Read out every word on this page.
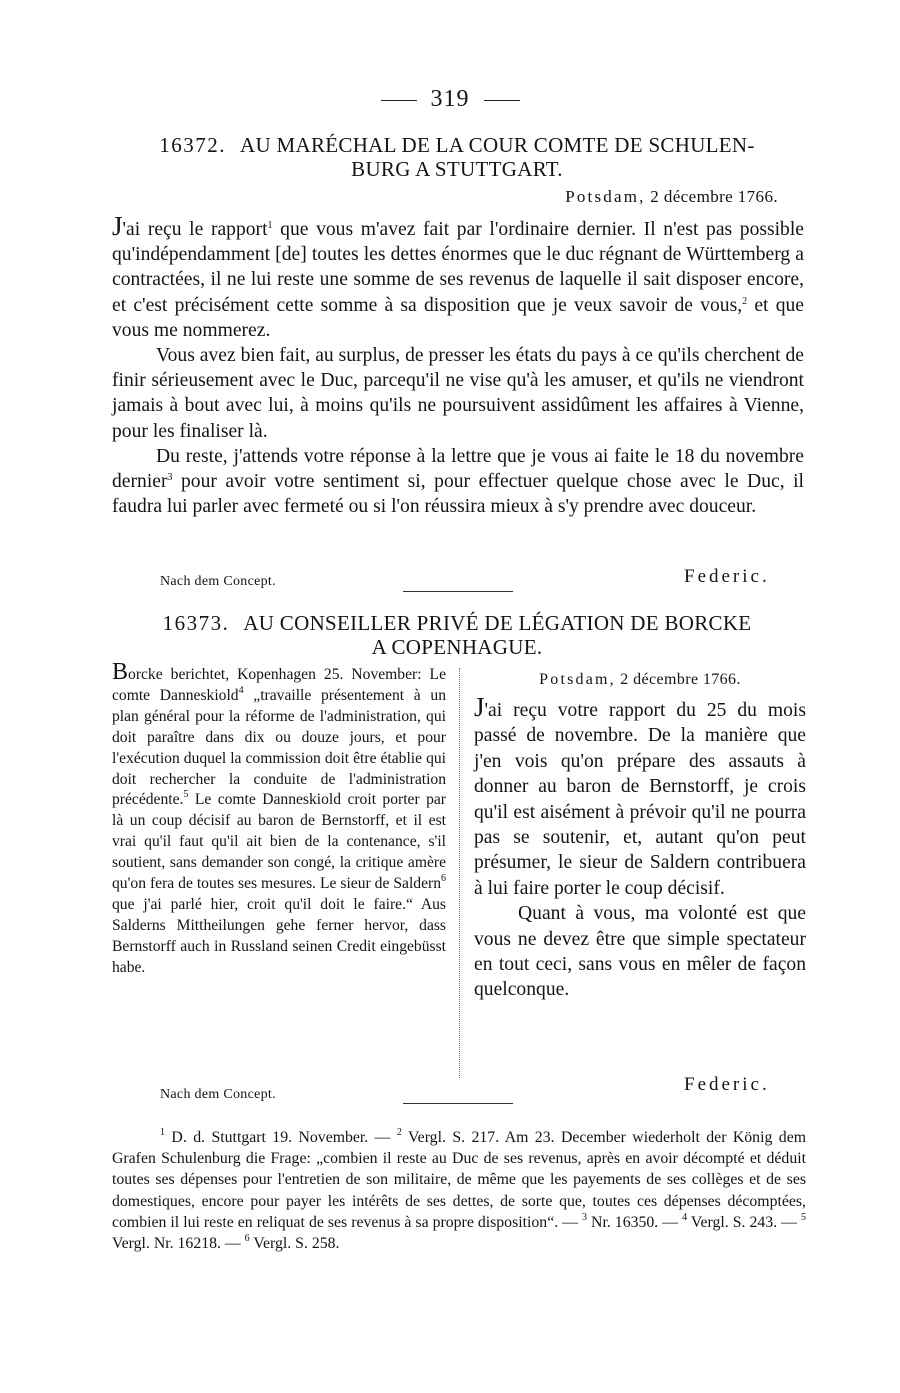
319
16372. AU MARÉCHAL DE LA COUR COMTE DE SCHULEN-
BURG A STUTTGART.
Potsdam, 2 décembre 1766.

J'ai reçu le rapport$^1$ que vous m'avez fait par l'ordinaire dernier. Il n'est pas possible qu'indépendamment [de] toutes les dettes énormes que le duc régnant de Württemberg a contractées, il ne lui reste une somme de ses revenus de laquelle il sait disposer encore, et c'est précisément cette somme à sa disposition que je veux savoir de vous,$^2$ et que vous me nommerez.

Vous avez bien fait, au surplus, de presser les états du pays à ce qu'ils cherchent de finir sérieusement avec le Duc, parcequ'il ne vise qu'à les amuser, et qu'ils ne viendront jamais à bout avec lui, à moins qu'ils ne poursuivent assidûment les affaires à Vienne, pour les finaliser là.

Du reste, j'attends votre réponse à la lettre que je vous ai faite le 18 du novembre dernier$^3$ pour avoir votre sentiment si, pour effectuer quelque chose avec le Duc, il faudra lui parler avec fermeté ou si l'on réussira mieux à s'y prendre avec douceur.

Nach dem Concept.	Federic.
16373. AU CONSEILLER PRIVÉ DE LÉGATION DE BORCKE
A COPENHAGUE.

Borcke berichtet, Kopenhagen 25. November: Le comte Danneskiold$^4$ „travaille présentement à un plan général pour la réforme de l'administration, qui doit paraître dans dix ou douze jours, et pour l'exécution duquel la commission doit être établie qui doit rechercher la conduite de l'administration précédente.$^5$ Le comte Danneskiold croit porter par là un coup décisif au baron de Bernstorff, et il est vrai qu'il faut qu'il ait bien de la contenance, s'il soutient, sans demander son congé, la critique amère qu'on fera de toutes ses mesures. Le sieur de Saldern$^6$ que j'ai parlé hier, croit qu'il doit le faire.“ Aus Salderns Mittheilungen gehe ferner hervor, dass Bernstorff auch in Russland seinen Credit eingebüsst habe.

Potsdam, 2 décembre 1766.

J'ai reçu votre rapport du 25 du mois passé de novembre. De la manière que j'en vois qu'on prépare des assauts à donner au baron de Bernstorff, je crois qu'il est aisément à prévoir qu'il ne pourra pas se soutenir, et, autant qu'on peut présumer, le sieur de Saldern contribuera à lui faire porter le coup décisif.

Quant à vous, ma volonté est que vous ne devez être que simple spectateur en tout ceci, sans vous en mêler de façon quelconque.

Nach dem Concept.	Federic.

$^1$ D. d. Stuttgart 19. November. — $^2$ Vergl. S. 217. Am 23. December wiederholt der König dem Grafen Schulenburg die Frage: „combien il reste au Duc de ses revenus, après en avoir décompté et déduit toutes ses dépenses pour l'entretien de son militaire, de même que les payements de ses collèges et de ses domestiques, encore pour payer les intérêts de ses dettes, de sorte que, toutes ces dépenses décomptées, combien il lui reste en reliquat de ses revenus à sa propre disposition“. — $^3$ Nr. 16350. — $^4$ Vergl. S. 243. — $^5$ Vergl. Nr. 16218. — $^6$ Vergl. S. 258.
